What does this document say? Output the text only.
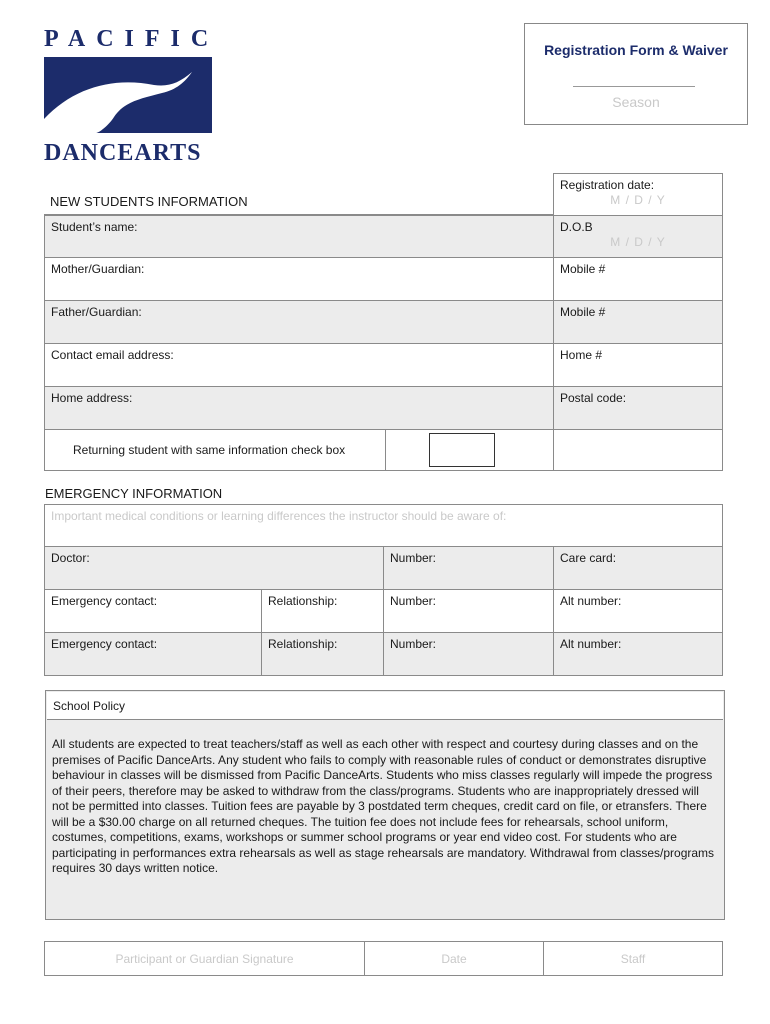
PACIFIC
DANCEARTS
Registration Form & Waiver
Season
NEW STUDENTS INFORMATION
Registration date:
M / D / Y
Student’s name:	D.O.B
M / D / Y
Mother/Guardian:	Mobile #
Father/Guardian:	Mobile #
Contact email address:	Home #
Home address:	Postal code:
Returning student with same information check box
EMERGENCY INFORMATION
Important medical conditions or learning differences the instructor should be aware of:
Doctor:	Number:	Care card:
Emergency contact:	Relationship:	Number:	Alt number:
Emergency contact:	Relationship:	Number:	Alt number:
School Policy
All students are expected to treat teachers/staff as well as each other with respect and courtesy during classes and on the premises of Pacific DanceArts. Any student who fails to comply with reasonable rules of conduct or demonstrates disruptive behaviour in classes will be dismissed from Pacific DanceArts. Students who miss classes regularly will impede the progress of their peers, therefore may be asked to withdraw from the class/programs. Students who are inappropriately dressed will not be permitted into classes. Tuition fees are payable by 3 postdated term cheques, credit card on file, or etransfers. There will be a $30.00 charge on all returned cheques. The tuition fee does not include fees for rehearsals, school uniform, costumes, competitions, exams, workshops or summer school programs or year end video cost. For students who are participating in performances extra rehearsals as well as stage rehearsals are mandatory. Withdrawal from classes/programs requires 30 days written notice.
Participant or Guardian Signature	Date	Staff
